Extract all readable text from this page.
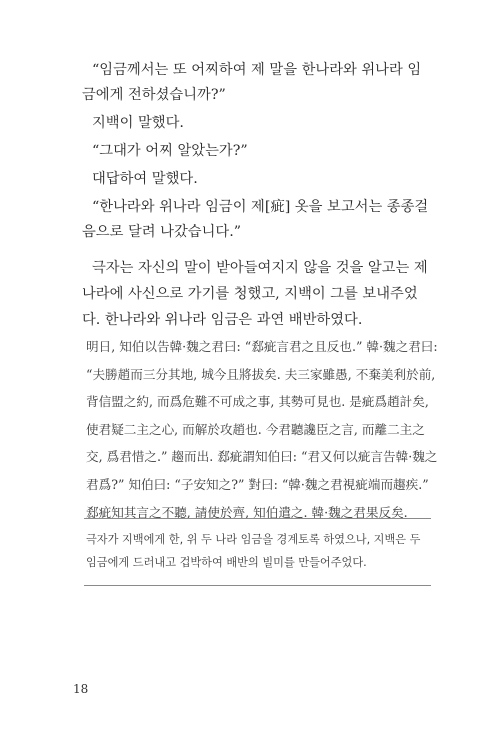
“임금께서는 또 어찌하여 제 말을 한나라와 위나라 임금에게 전하셨습니까?”

지백이 말했다.

“그대가 어찌 알았는가?”

대답하여 말했다.

“한나라와 위나라 임금이 제[疵] 옷을 보고서는 종종걸음으로 달려 나갔습니다.”

극자는 자신의 말이 받아들여지지 않을 것을 알고는 제나라에 사신으로 가기를 청했고, 지백이 그를 보내주었다. 한나라와 위나라 임금은 과연 배반하였다.

明日, 知伯以告韓·魏之君曰: “郄疵言君之且反也.” 韓·魏之君曰: “夫勝趙而三分其地, 城今且將拔矣. 夫三家雖愚, 不棄美利於前, 背信盟之約, 而爲危難不可成之事, 其勢可見也. 是疵爲趙計矣, 使君疑二主之心, 而解於攻趙也. 今君聽讒臣之言, 而離二主之交, 爲君惜之.” 趨而出. 郄疵謂知伯曰: “君又何以疵言告韓·魏之君爲?” 知伯曰: “子安知之?” 對曰: “韓·魏之君視疵端而趨疾.” 郄疵知其言之不聽, 請使於齊, 知伯遣之. 韓·魏之君果反矣.

극자가 지백에게 한, 위 두 나라 임금을 경계토록 하였으나, 지백은 두 임금에게 드러내고 겁박하여 배반의 빌미를 만들어주었다.

18
